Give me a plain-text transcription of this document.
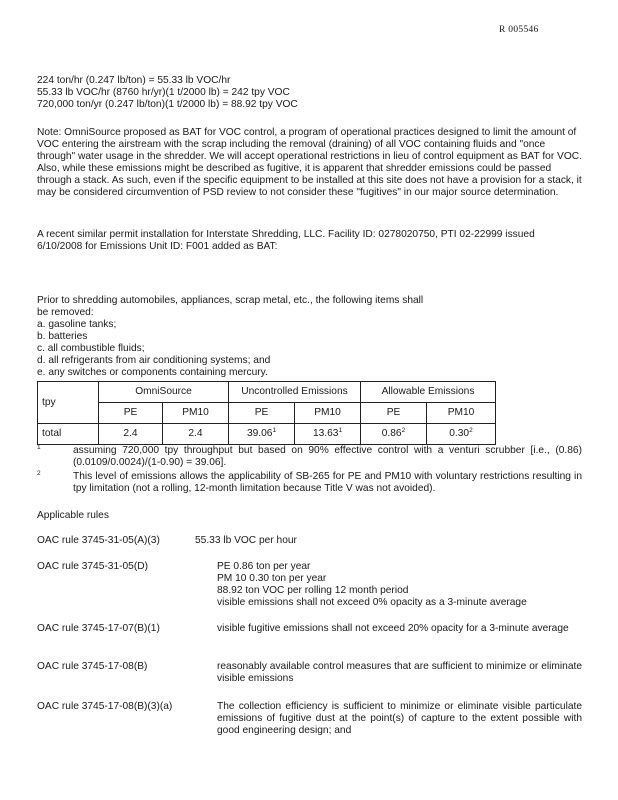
R 005546
224 ton/hr (0.247 lb/ton) = 55.33 lb VOC/hr
55.33 lb VOC/hr (8760 hr/yr)(1 t/2000 lb) = 242 tpy VOC
720,000 ton/yr (0.247 lb/ton)(1 t/2000 lb) = 88.92 tpy VOC
Note: OmniSource proposed as BAT for VOC control, a program of operational practices designed to limit the amount of VOC entering the airstream with the scrap including the removal (draining) of all VOC containing fluids and "once through" water usage in the shredder. We will accept operational restrictions in lieu of control equipment as BAT for VOC. Also, while these emissions might be described as fugitive, it is apparent that shredder emissions could be passed through a stack. As such, even if the specific equipment to be installed at this site does not have a provision for a stack, it may be considered circumvention of PSD review to not consider these "fugitives" in our major source determination.
A recent similar permit installation for Interstate Shredding, LLC. Facility ID: 0278020750, PTI 02-22999 issued 6/10/2008 for Emissions Unit ID: F001 added as BAT:
Prior to shredding automobiles, appliances, scrap metal, etc., the following items shall
be removed:
a. gasoline tanks;
b. batteries
c. all combustible fluids;
d. all refrigerants from air conditioning systems; and
e. any switches or components containing mercury.
tpy	OmniSource		Uncontrolled Emissions		Allowable Emissions	
	PE	PM10	PE	PM10	PE	PM10
total	2.4	2.4	39.06$^1$	13.63$^1$	0.86$^2$	0.30$^2$
1	assuming 720,000 tpy throughput but based on 90% effective control with a venturi scrubber [i.e., (0.86)(0.0109/0.0024)/(1-0.90) = 39.06].
2	This level of emissions allows the applicability of SB-265 for PE and PM10 with voluntary restrictions resulting in tpy limitation (not a rolling, 12-month limitation because Title V was not avoided).
Applicable rules
OAC rule 3745-31-05(A)(3)	55.33 lb VOC per hour
OAC rule 3745-31-05(D)	PE 0.86 ton per year
PM 10 0.30 ton per year
88.92 ton VOC per rolling 12 month period
visible emissions shall not exceed 0% opacity as a 3-minute average
OAC rule 3745-17-07(B)(1)	visible fugitive emissions shall not exceed 20% opacity for a 3-minute average
OAC rule 3745-17-08(B)	reasonably available control measures that are sufficient to minimize or eliminate visible emissions
OAC rule 3745-17-08(B)(3)(a)	The collection efficiency is sufficient to minimize or eliminate visible particulate emissions of fugitive dust at the point(s) of capture to the extent possible with good engineering design; and
